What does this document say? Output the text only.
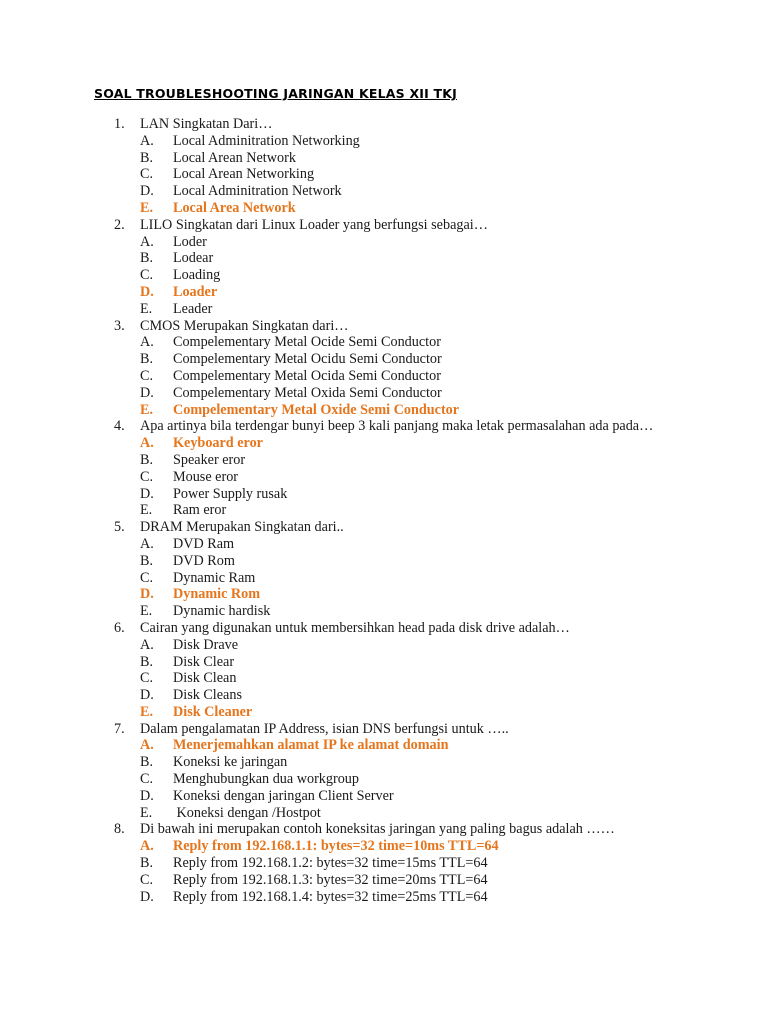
SOAL TROUBLESHOOTING JARINGAN KELAS XII TKJ
1. LAN Singkatan Dari…
A. Local Adminitration Networking
B. Local Arean Network
C. Local Arean Networking
D. Local Adminitration Network
E. Local Area Network
2. LILO Singkatan dari Linux Loader yang berfungsi sebagai…
A. Loder
B. Lodear
C. Loading
D. Loader
E. Leader
3. CMOS Merupakan Singkatan dari…
A. Compelementary Metal Ocide Semi Conductor
B. Compelementary Metal Ocidu Semi Conductor
C. Compelementary Metal Ocida Semi Conductor
D. Compelementary Metal Oxida Semi Conductor
E. Compelementary Metal Oxide Semi Conductor
4. Apa artinya bila terdengar bunyi beep 3 kali panjang maka letak permasalahan ada pada…
A. Keyboard eror
B. Speaker eror
C. Mouse eror
D. Power Supply rusak
E. Ram eror
5. DRAM Merupakan Singkatan dari..
A. DVD Ram
B. DVD Rom
C. Dynamic Ram
D. Dynamic Rom
E. Dynamic hardisk
6. Cairan yang digunakan untuk membersihkan head pada disk drive adalah…
A. Disk Drave
B. Disk Clear
C. Disk Clean
D. Disk Cleans
E. Disk Cleaner
7. Dalam pengalamatan IP Address, isian DNS berfungsi untuk …..
A. Menerjemahkan alamat IP ke alamat domain
B. Koneksi ke jaringan
C. Menghubungkan dua workgroup
D. Koneksi dengan jaringan Client Server
E. Koneksi dengan /Hostpot
8. Di bawah ini merupakan contoh koneksitas jaringan yang paling bagus adalah ……
A. Reply from 192.168.1.1: bytes=32 time=10ms TTL=64
B. Reply from 192.168.1.2: bytes=32 time=15ms TTL=64
C. Reply from 192.168.1.3: bytes=32 time=20ms TTL=64
D. Reply from 192.168.1.4: bytes=32 time=25ms TTL=64
